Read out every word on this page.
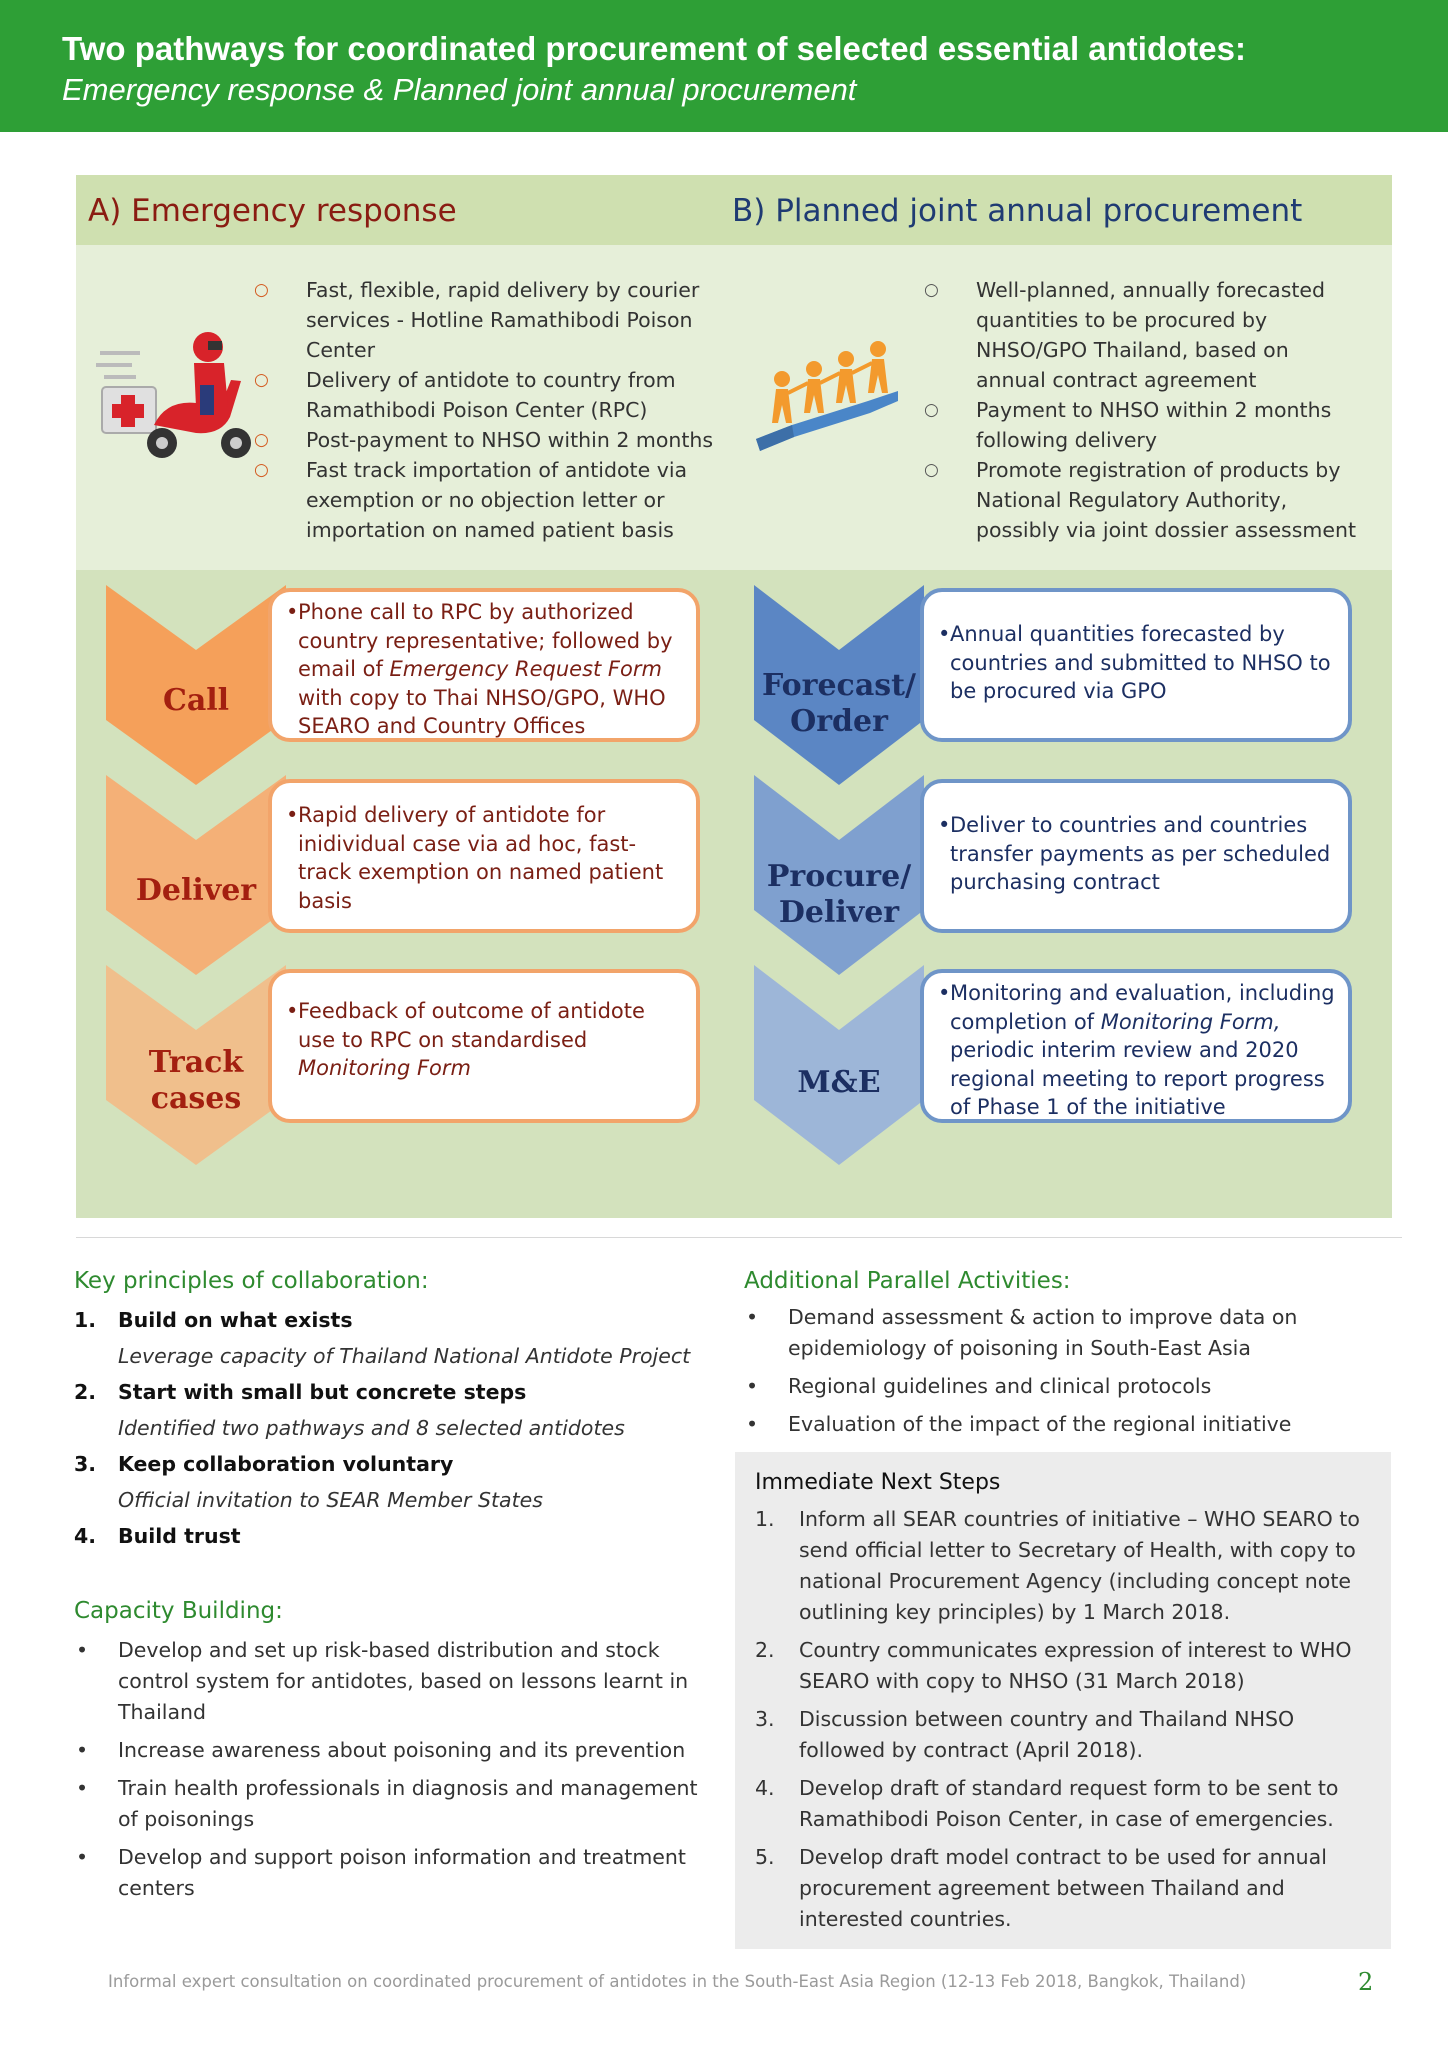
Two pathways for coordinated procurement of selected essential antidotes:
Emergency response & Planned joint annual procurement
A) Emergency response	B) Planned joint annual procurement
○ Fast, flexible, rapid delivery by courier services - Hotline Ramathibodi Poison Center
○ Delivery of antidote to country from Ramathibodi Poison Center (RPC)
○ Post-payment to NHSO within 2 months
○ Fast track importation of antidote via exemption or no objection letter or importation on named patient basis
○ Well-planned, annually forecasted quantities to be procured by NHSO/GPO Thailand, based on annual contract agreement
○ Payment to NHSO within 2 months following delivery
○ Promote registration of products by National Regulatory Authority, possibly via joint dossier assessment
Call
Deliver
Track cases
• Phone call to RPC by authorized country representative; followed by email of Emergency Request Form with copy to Thai NHSO/GPO, WHO SEARO and Country Offices
• Rapid delivery of antidote for inidividual case via ad hoc, fast-track exemption on named patient basis
• Feedback of outcome of antidote use to RPC on standardised Monitoring Form
Forecast/ Order
Procure/ Deliver
M&E
• Annual quantities forecasted by countries and submitted to NHSO to be procured via GPO
• Deliver to countries and countries transfer payments as per scheduled purchasing contract
• Monitoring and evaluation, including completion of Monitoring Form, periodic interim review and 2020 regional meeting to report progress of Phase 1 of the initiative
Key principles of collaboration:
1. Build on what exists
Leverage capacity of Thailand National Antidote Project
2. Start with small but concrete steps
Identified two pathways and 8 selected antidotes
3. Keep collaboration voluntary
Official invitation to SEAR Member States
4. Build trust
Capacity Building:
• Develop and set up risk-based distribution and stock control system for antidotes, based on lessons learnt in Thailand
• Increase awareness about poisoning and its prevention
• Train health professionals in diagnosis and management of poisonings
• Develop and support poison information and treatment centers
Additional Parallel Activities:
• Demand assessment & action to improve data on epidemiology of poisoning in South-East Asia
• Regional guidelines and clinical protocols
• Evaluation of the impact of the regional initiative
Immediate Next Steps
1. Inform all SEAR countries of initiative – WHO SEARO to send official letter to Secretary of Health, with copy to national Procurement Agency (including concept note outlining key principles) by 1 March 2018.
2. Country communicates expression of interest to WHO SEARO with copy to NHSO (31 March 2018)
3. Discussion between country and Thailand NHSO followed by contract (April 2018).
4. Develop draft of standard request form to be sent to Ramathibodi Poison Center, in case of emergencies.
5. Develop draft model contract to be used for annual procurement agreement between Thailand and interested countries.
Informal expert consultation on coordinated procurement of antidotes in the South-East Asia Region (12-13 Feb 2018, Bangkok, Thailand)	2
